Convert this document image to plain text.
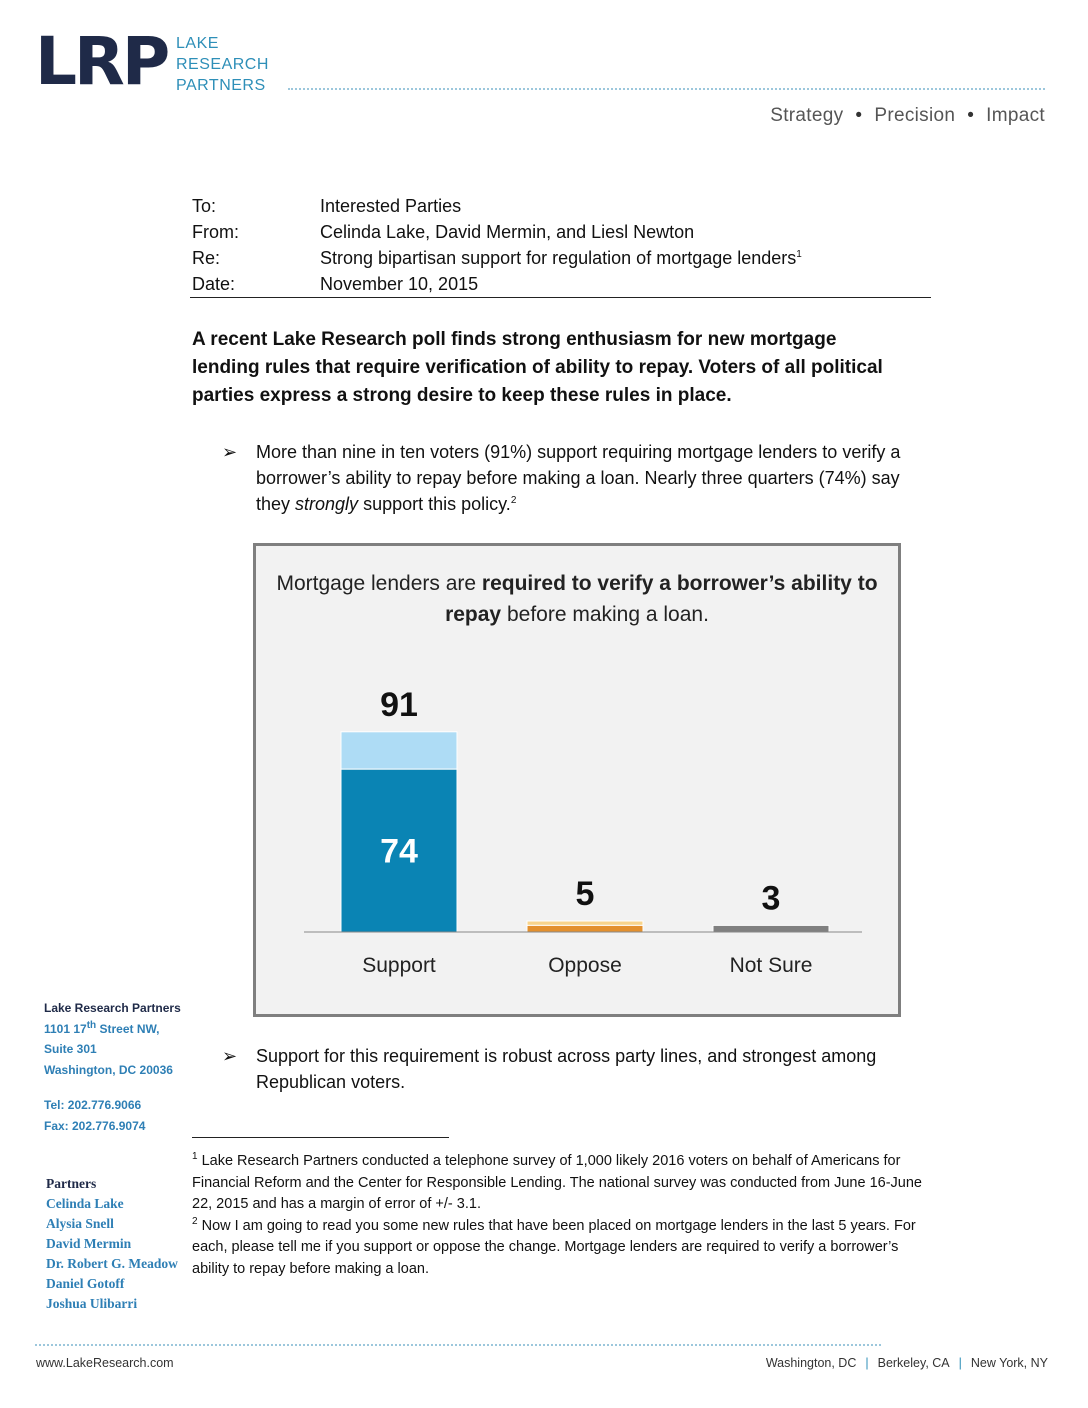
LRP LAKE
RESEARCH
PARTNERS
Strategy • Precision • Impact
To:	Interested Parties
From:	Celinda Lake, David Mermin, and Liesl Newton
Re:	Strong bipartisan support for regulation of mortgage lenders$^1$
Date:	November 10, 2015
A recent Lake Research poll finds strong enthusiasm for new mortgage lending rules that require verification of ability to repay. Voters of all political parties express a strong desire to keep these rules in place.
➢	More than nine in ten voters (91%) support requiring mortgage lenders to verify a borrower’s ability to repay before making a loan. Nearly three quarters (74%) say they strongly support this policy.$^2$
Mortgage lenders are required to verify a borrower’s ability to repay before making a loan.
91
Support
5
Oppose
3
Not Sure
74
➢	Support for this requirement is robust across party lines, and strongest among Republican voters.
Lake Research Partners
1101 17th Street NW,
Suite 301
Washington, DC 20036
Tel: 202.776.9066
Fax: 202.776.9074
Partners
Celinda Lake
Alysia Snell
David Mermin
Dr. Robert G. Meadow
Daniel Gotoff
Joshua Ulibarri
$^1$ Lake Research Partners conducted a telephone survey of 1,000 likely 2016 voters on behalf of Americans for Financial Reform and the Center for Responsible Lending. The national survey was conducted from June 16-June 22, 2015 and has a margin of error of +/- 3.1.
$^2$ Now I am going to read you some new rules that have been placed on mortgage lenders in the last 5 years. For each, please tell me if you support or oppose the change. Mortgage lenders are required to verify a borrower’s ability to repay before making a loan.
www.LakeResearch.com	Washington, DC | Berkeley, CA | New York, NY
